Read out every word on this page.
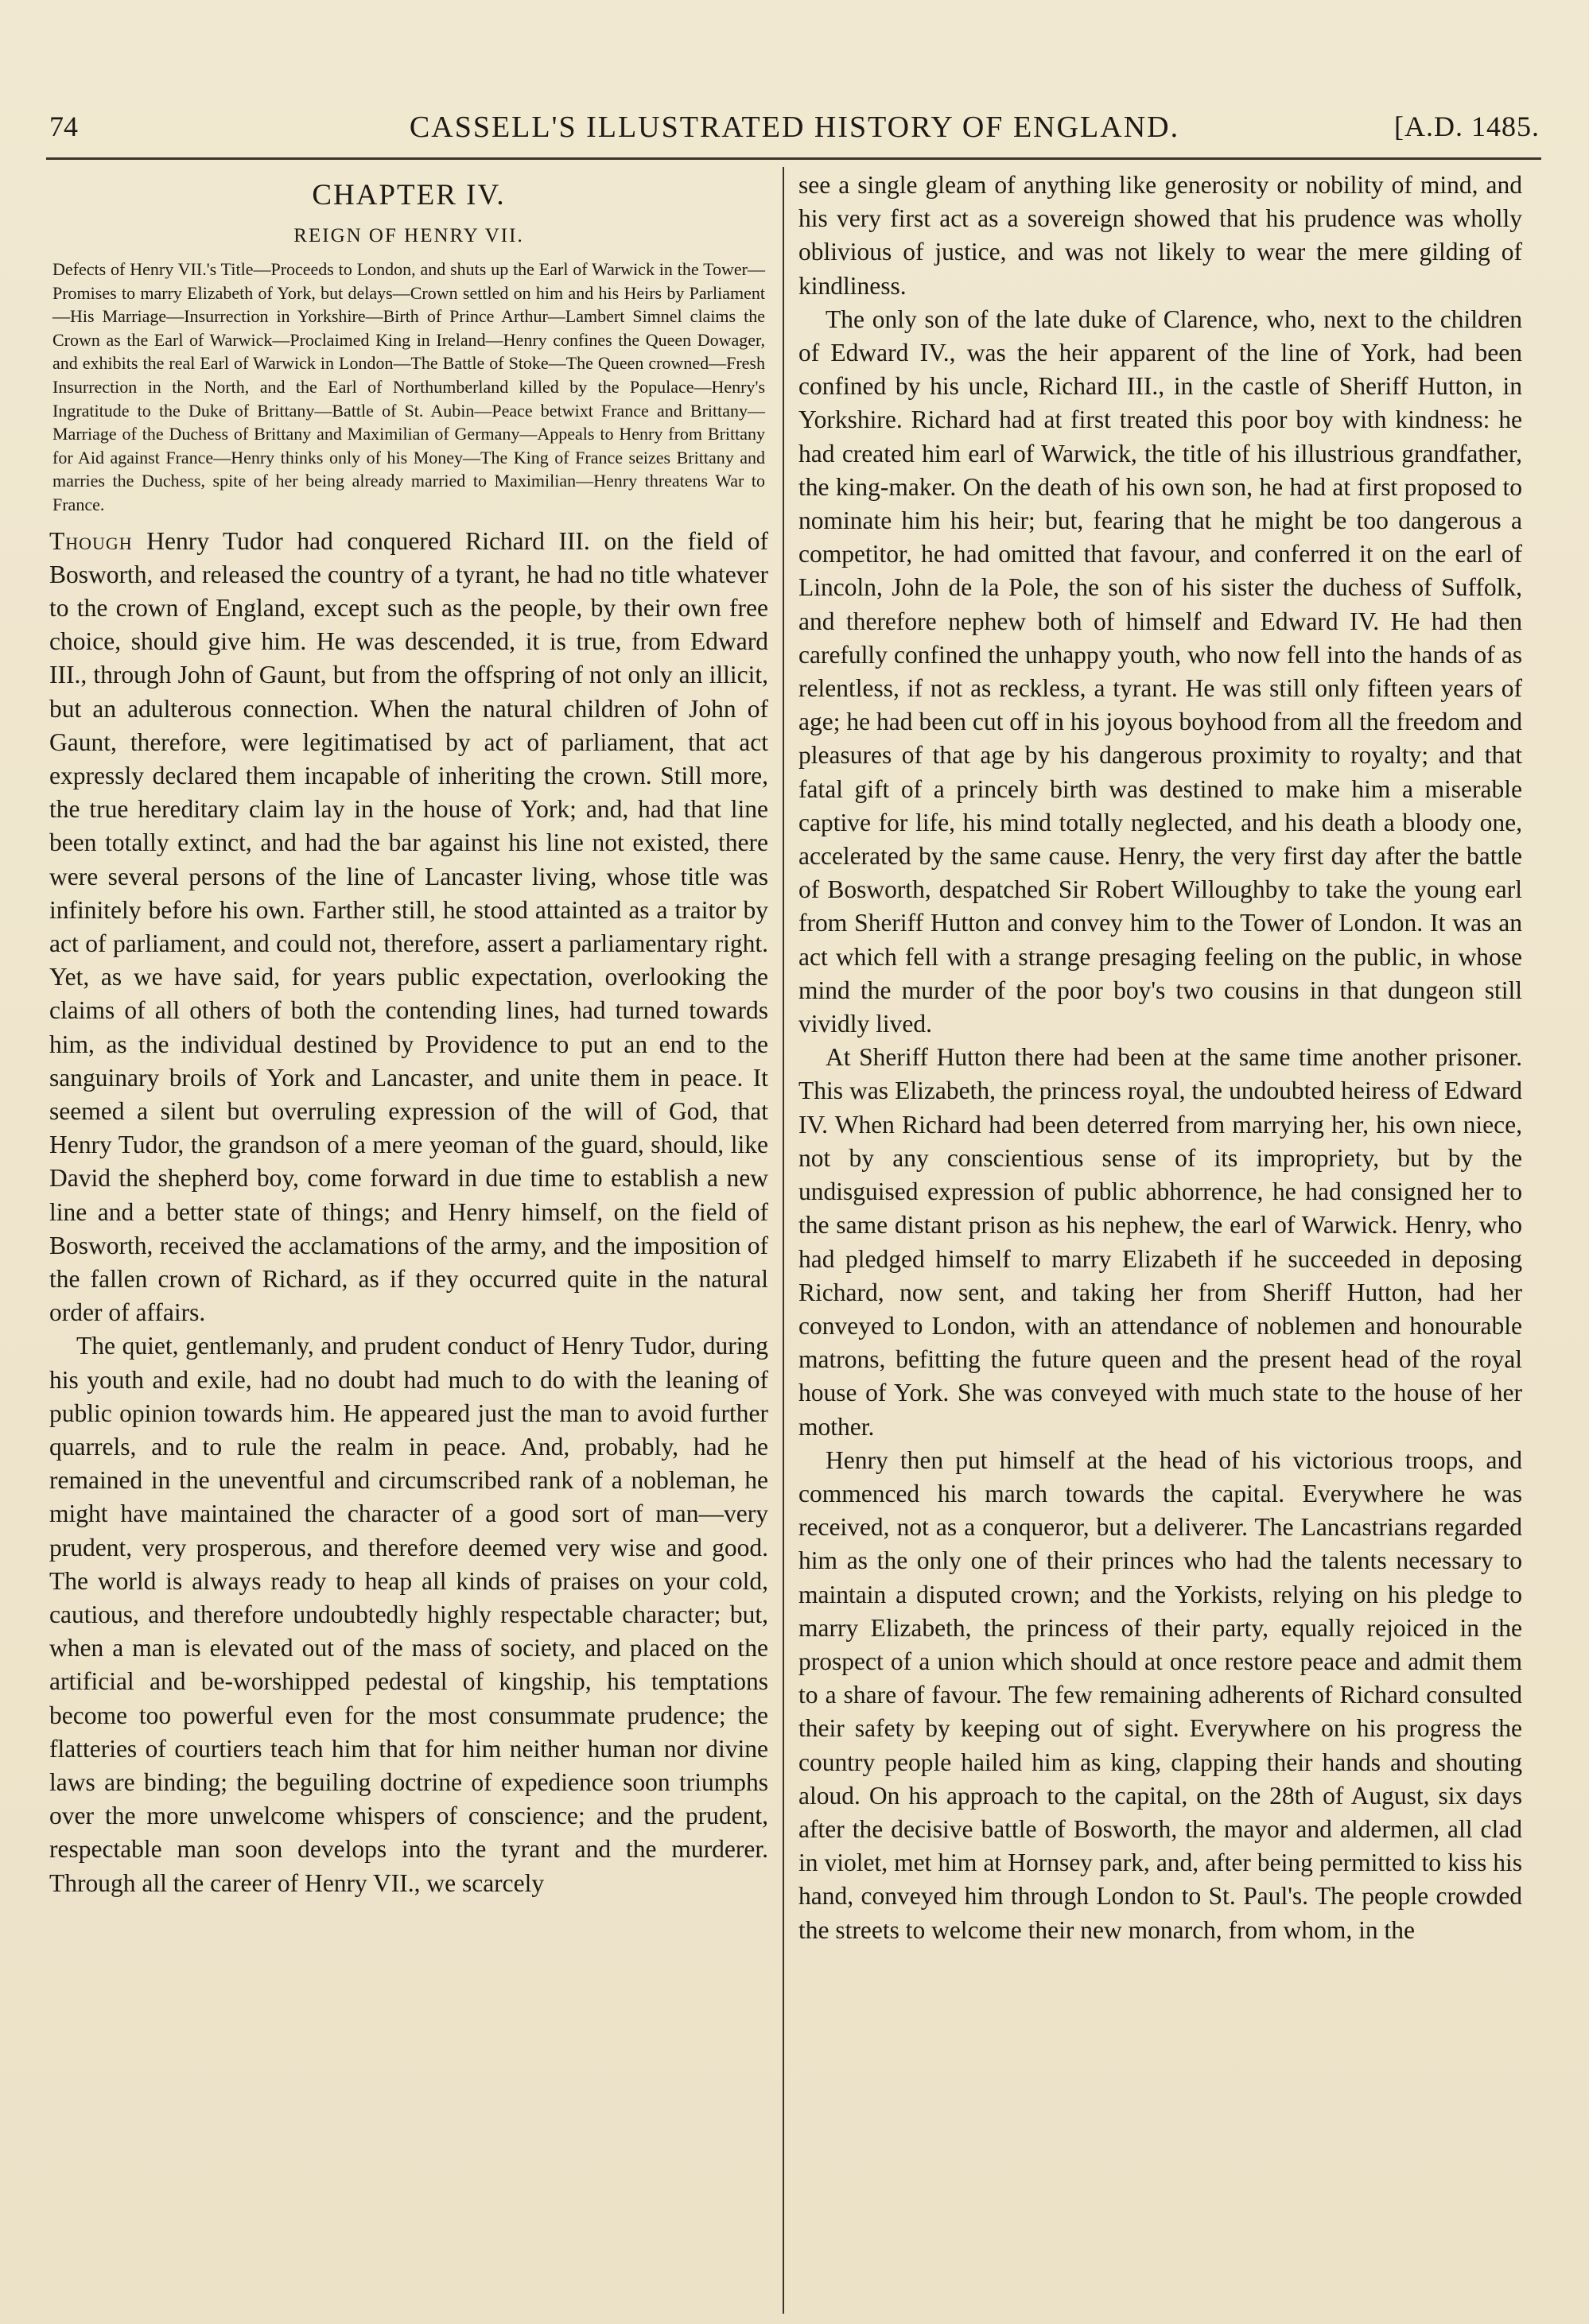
74	CASSELL'S ILLUSTRATED HISTORY OF ENGLAND.	[A.D. 1485.
CHAPTER IV.
REIGN OF HENRY VII.

Defects of Henry VII.'s Title—Proceeds to London, and shuts up the Earl of Warwick in the Tower—Promises to marry Elizabeth of York, but delays—Crown settled on him and his Heirs by Parliament—His Marriage—Insurrection in Yorkshire—Birth of Prince Arthur—Lambert Simnel claims the Crown as the Earl of Warwick—Proclaimed King in Ireland—Henry confines the Queen Dowager, and exhibits the real Earl of Warwick in London—The Battle of Stoke—The Queen crowned—Fresh Insurrection in the North, and the Earl of Northumberland killed by the Populace—Henry's Ingratitude to the Duke of Brittany—Battle of St. Aubin—Peace betwixt France and Brittany—Marriage of the Duchess of Brittany and Maximilian of Germany—Appeals to Henry from Brittany for Aid against France—Henry thinks only of his Money—The King of France seizes Brittany and marries the Duchess, spite of her being already married to Maximilian—Henry threatens War to France.

Though Henry Tudor had conquered Richard III. on the field of Bosworth, and released the country of a tyrant, he had no title whatever to the crown of England, except such as the people, by their own free choice, should give him. He was descended, it is true, from Edward III., through John of Gaunt, but from the offspring of not only an illicit, but an adulterous connection. When the natural children of John of Gaunt, therefore, were legitimatised by act of parliament, that act expressly declared them incapable of inheriting the crown. Still more, the true hereditary claim lay in the house of York; and, had that line been totally extinct, and had the bar against his line not existed, there were several persons of the line of Lancaster living, whose title was infinitely before his own. Farther still, he stood attainted as a traitor by act of parliament, and could not, therefore, assert a parliamentary right. Yet, as we have said, for years public expectation, overlooking the claims of all others of both the contending lines, had turned towards him, as the individual destined by Providence to put an end to the sanguinary broils of York and Lancaster, and unite them in peace. It seemed a silent but overruling expression of the will of God, that Henry Tudor, the grandson of a mere yeoman of the guard, should, like David the shepherd boy, come forward in due time to establish a new line and a better state of things; and Henry himself, on the field of Bosworth, received the acclamations of the army, and the imposition of the fallen crown of Richard, as if they occurred quite in the natural order of affairs.

The quiet, gentlemanly, and prudent conduct of Henry Tudor, during his youth and exile, had no doubt had much to do with the leaning of public opinion towards him. He appeared just the man to avoid further quarrels, and to rule the realm in peace. And, probably, had he remained in the uneventful and circumscribed rank of a nobleman, he might have maintained the character of a good sort of man—very prudent, very prosperous, and therefore deemed very wise and good. The world is always ready to heap all kinds of praises on your cold, cautious, and therefore undoubtedly highly respectable character; but, when a man is elevated out of the mass of society, and placed on the artificial and be-worshipped pedestal of kingship, his temptations become too powerful even for the most consummate prudence; the flatteries of courtiers teach him that for him neither human nor divine laws are binding; the beguiling doctrine of expedience soon triumphs over the more unwelcome whispers of conscience; and the prudent, respectable man soon develops into the tyrant and the murderer. Through all the career of Henry VII., we scarcely

see a single gleam of anything like generosity or nobility of mind, and his very first act as a sovereign showed that his prudence was wholly oblivious of justice, and was not likely to wear the mere gilding of kindliness.

The only son of the late duke of Clarence, who, next to the children of Edward IV., was the heir apparent of the line of York, had been confined by his uncle, Richard III., in the castle of Sheriff Hutton, in Yorkshire. Richard had at first treated this poor boy with kindness: he had created him earl of Warwick, the title of his illustrious grandfather, the king-maker. On the death of his own son, he had at first proposed to nominate him his heir; but, fearing that he might be too dangerous a competitor, he had omitted that favour, and conferred it on the earl of Lincoln, John de la Pole, the son of his sister the duchess of Suffolk, and therefore nephew both of himself and Edward IV. He had then carefully confined the unhappy youth, who now fell into the hands of as relentless, if not as reckless, a tyrant. He was still only fifteen years of age; he had been cut off in his joyous boyhood from all the freedom and pleasures of that age by his dangerous proximity to royalty; and that fatal gift of a princely birth was destined to make him a miserable captive for life, his mind totally neglected, and his death a bloody one, accelerated by the same cause. Henry, the very first day after the battle of Bosworth, despatched Sir Robert Willoughby to take the young earl from Sheriff Hutton and convey him to the Tower of London. It was an act which fell with a strange presaging feeling on the public, in whose mind the murder of the poor boy's two cousins in that dungeon still vividly lived.

At Sheriff Hutton there had been at the same time another prisoner. This was Elizabeth, the princess royal, the undoubted heiress of Edward IV. When Richard had been deterred from marrying her, his own niece, not by any conscientious sense of its impropriety, but by the undisguised expression of public abhorrence, he had consigned her to the same distant prison as his nephew, the earl of Warwick. Henry, who had pledged himself to marry Elizabeth if he succeeded in deposing Richard, now sent, and taking her from Sheriff Hutton, had her conveyed to London, with an attendance of noblemen and honourable matrons, befitting the future queen and the present head of the royal house of York. She was conveyed with much state to the house of her mother.

Henry then put himself at the head of his victorious troops, and commenced his march towards the capital. Everywhere he was received, not as a conqueror, but a deliverer. The Lancastrians regarded him as the only one of their princes who had the talents necessary to maintain a disputed crown; and the Yorkists, relying on his pledge to marry Elizabeth, the princess of their party, equally rejoiced in the prospect of a union which should at once restore peace and admit them to a share of favour. The few remaining adherents of Richard consulted their safety by keeping out of sight. Everywhere on his progress the country people hailed him as king, clapping their hands and shouting aloud. On his approach to the capital, on the 28th of August, six days after the decisive battle of Bosworth, the mayor and aldermen, all clad in violet, met him at Hornsey park, and, after being permitted to kiss his hand, conveyed him through London to St. Paul's. The people crowded the streets to welcome their new monarch, from whom, in the
